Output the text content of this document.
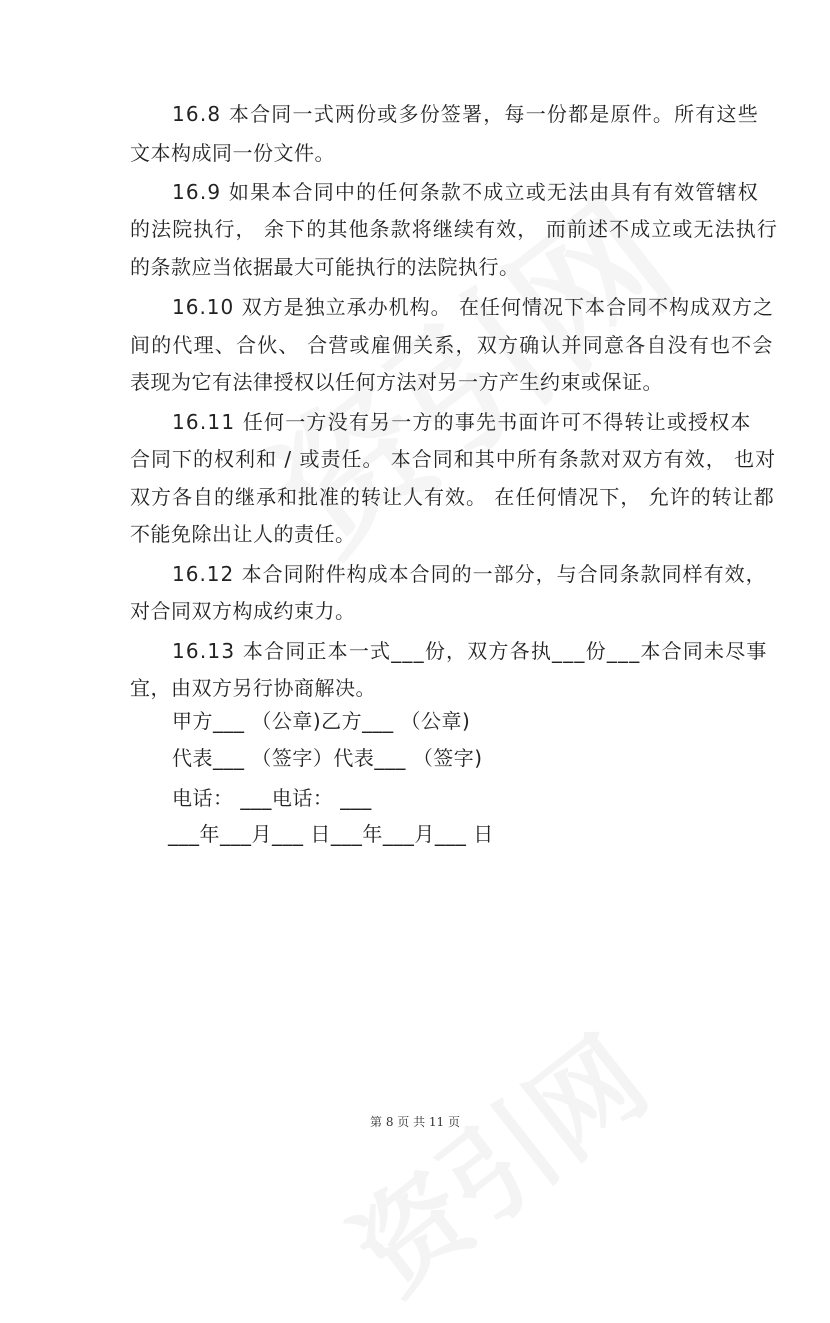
16.8 本合同一式两份或多份签署，每一份都是原件。所有这些
文本构成同一份文件。
16.9 如果本合同中的任何条款不成立或无法由具有有效管辖权
的法院执行， 余下的其他条款将继续有效， 而前述不成立或无法执行
的条款应当依据最大可能执行的法院执行。
16.10 双方是独立承办机构。 在任何情况下本合同不构成双方之
间的代理、合伙、 合营或雇佣关系，双方确认并同意各自没有也不会
表现为它有法律授权以任何方法对另一方产生约束或保证。
16.11 任何一方没有另一方的事先书面许可不得转让或授权本
合同下的权利和 / 或责任。 本合同和其中所有条款对双方有效， 也对
双方各自的继承和批准的转让人有效。 在任何情况下， 允许的转让都
不能免除出让人的责任。
16.12 本合同附件构成本合同的一部分，与合同条款同样有效，
对合同双方构成约束力。
16.13 本合同正本一式___份，双方各执___份___本合同未尽事
宜，由双方另行协商解决。
甲方___ （公章)乙方___ （公章)
代表___ （签字）代表___ （签字)
电话： ___电话： ___
___年___月___ 日___年___月___ 日
第 8 页 共 11 页
